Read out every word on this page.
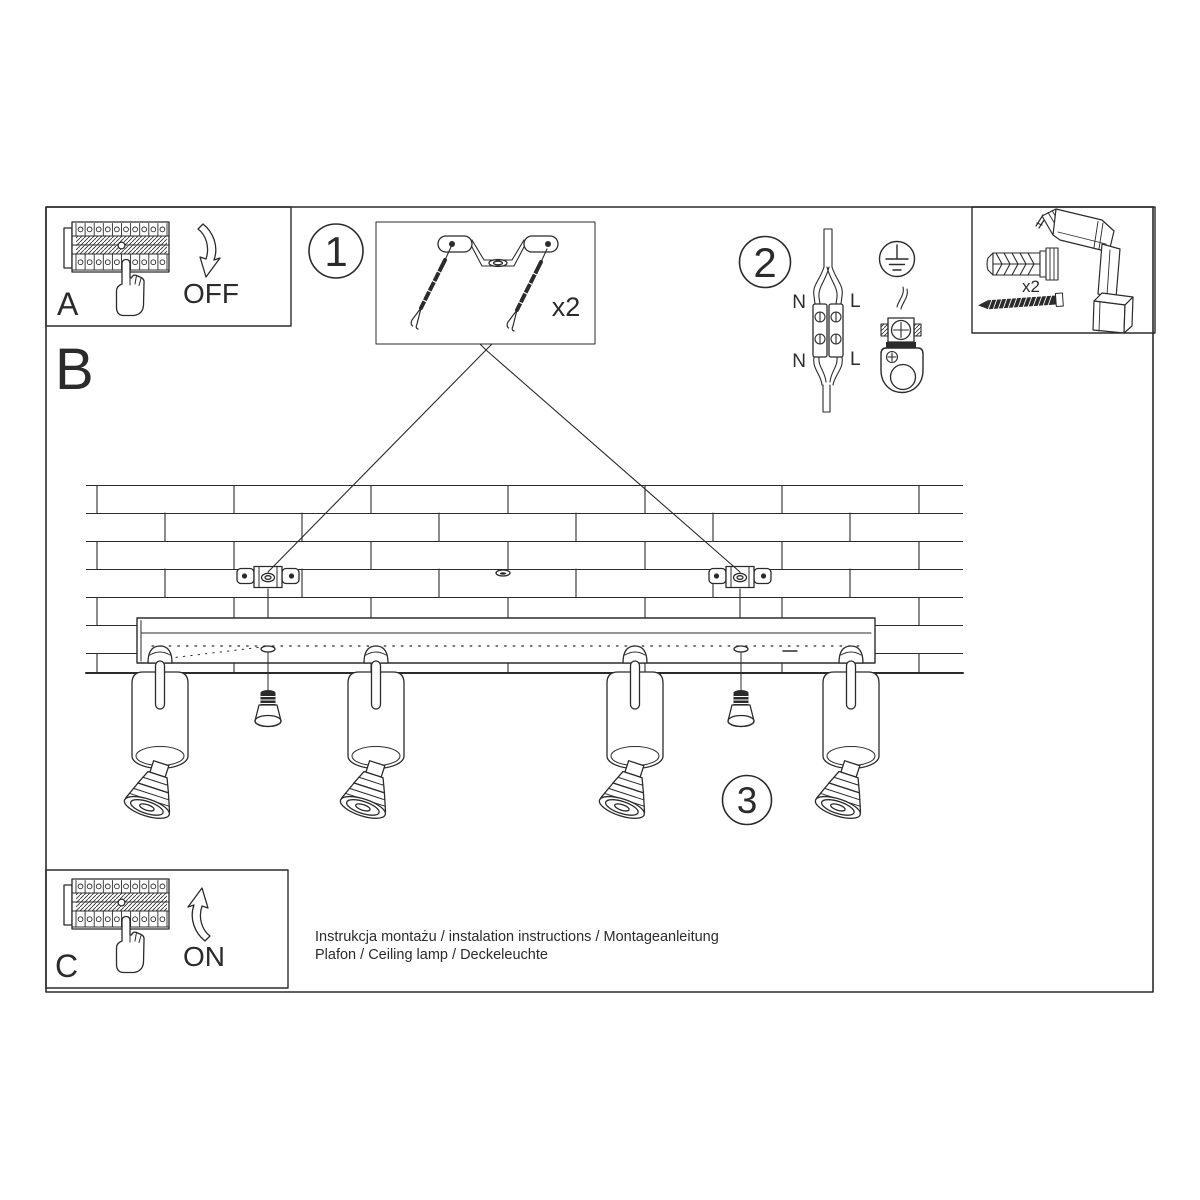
3
A	OFF
B
C	ON
1
x2
2
N L
N L
x2
Instrukcja montażu / instalation instructions / Montageanleitung
Plafon / Ceiling lamp / Deckeleuchte
